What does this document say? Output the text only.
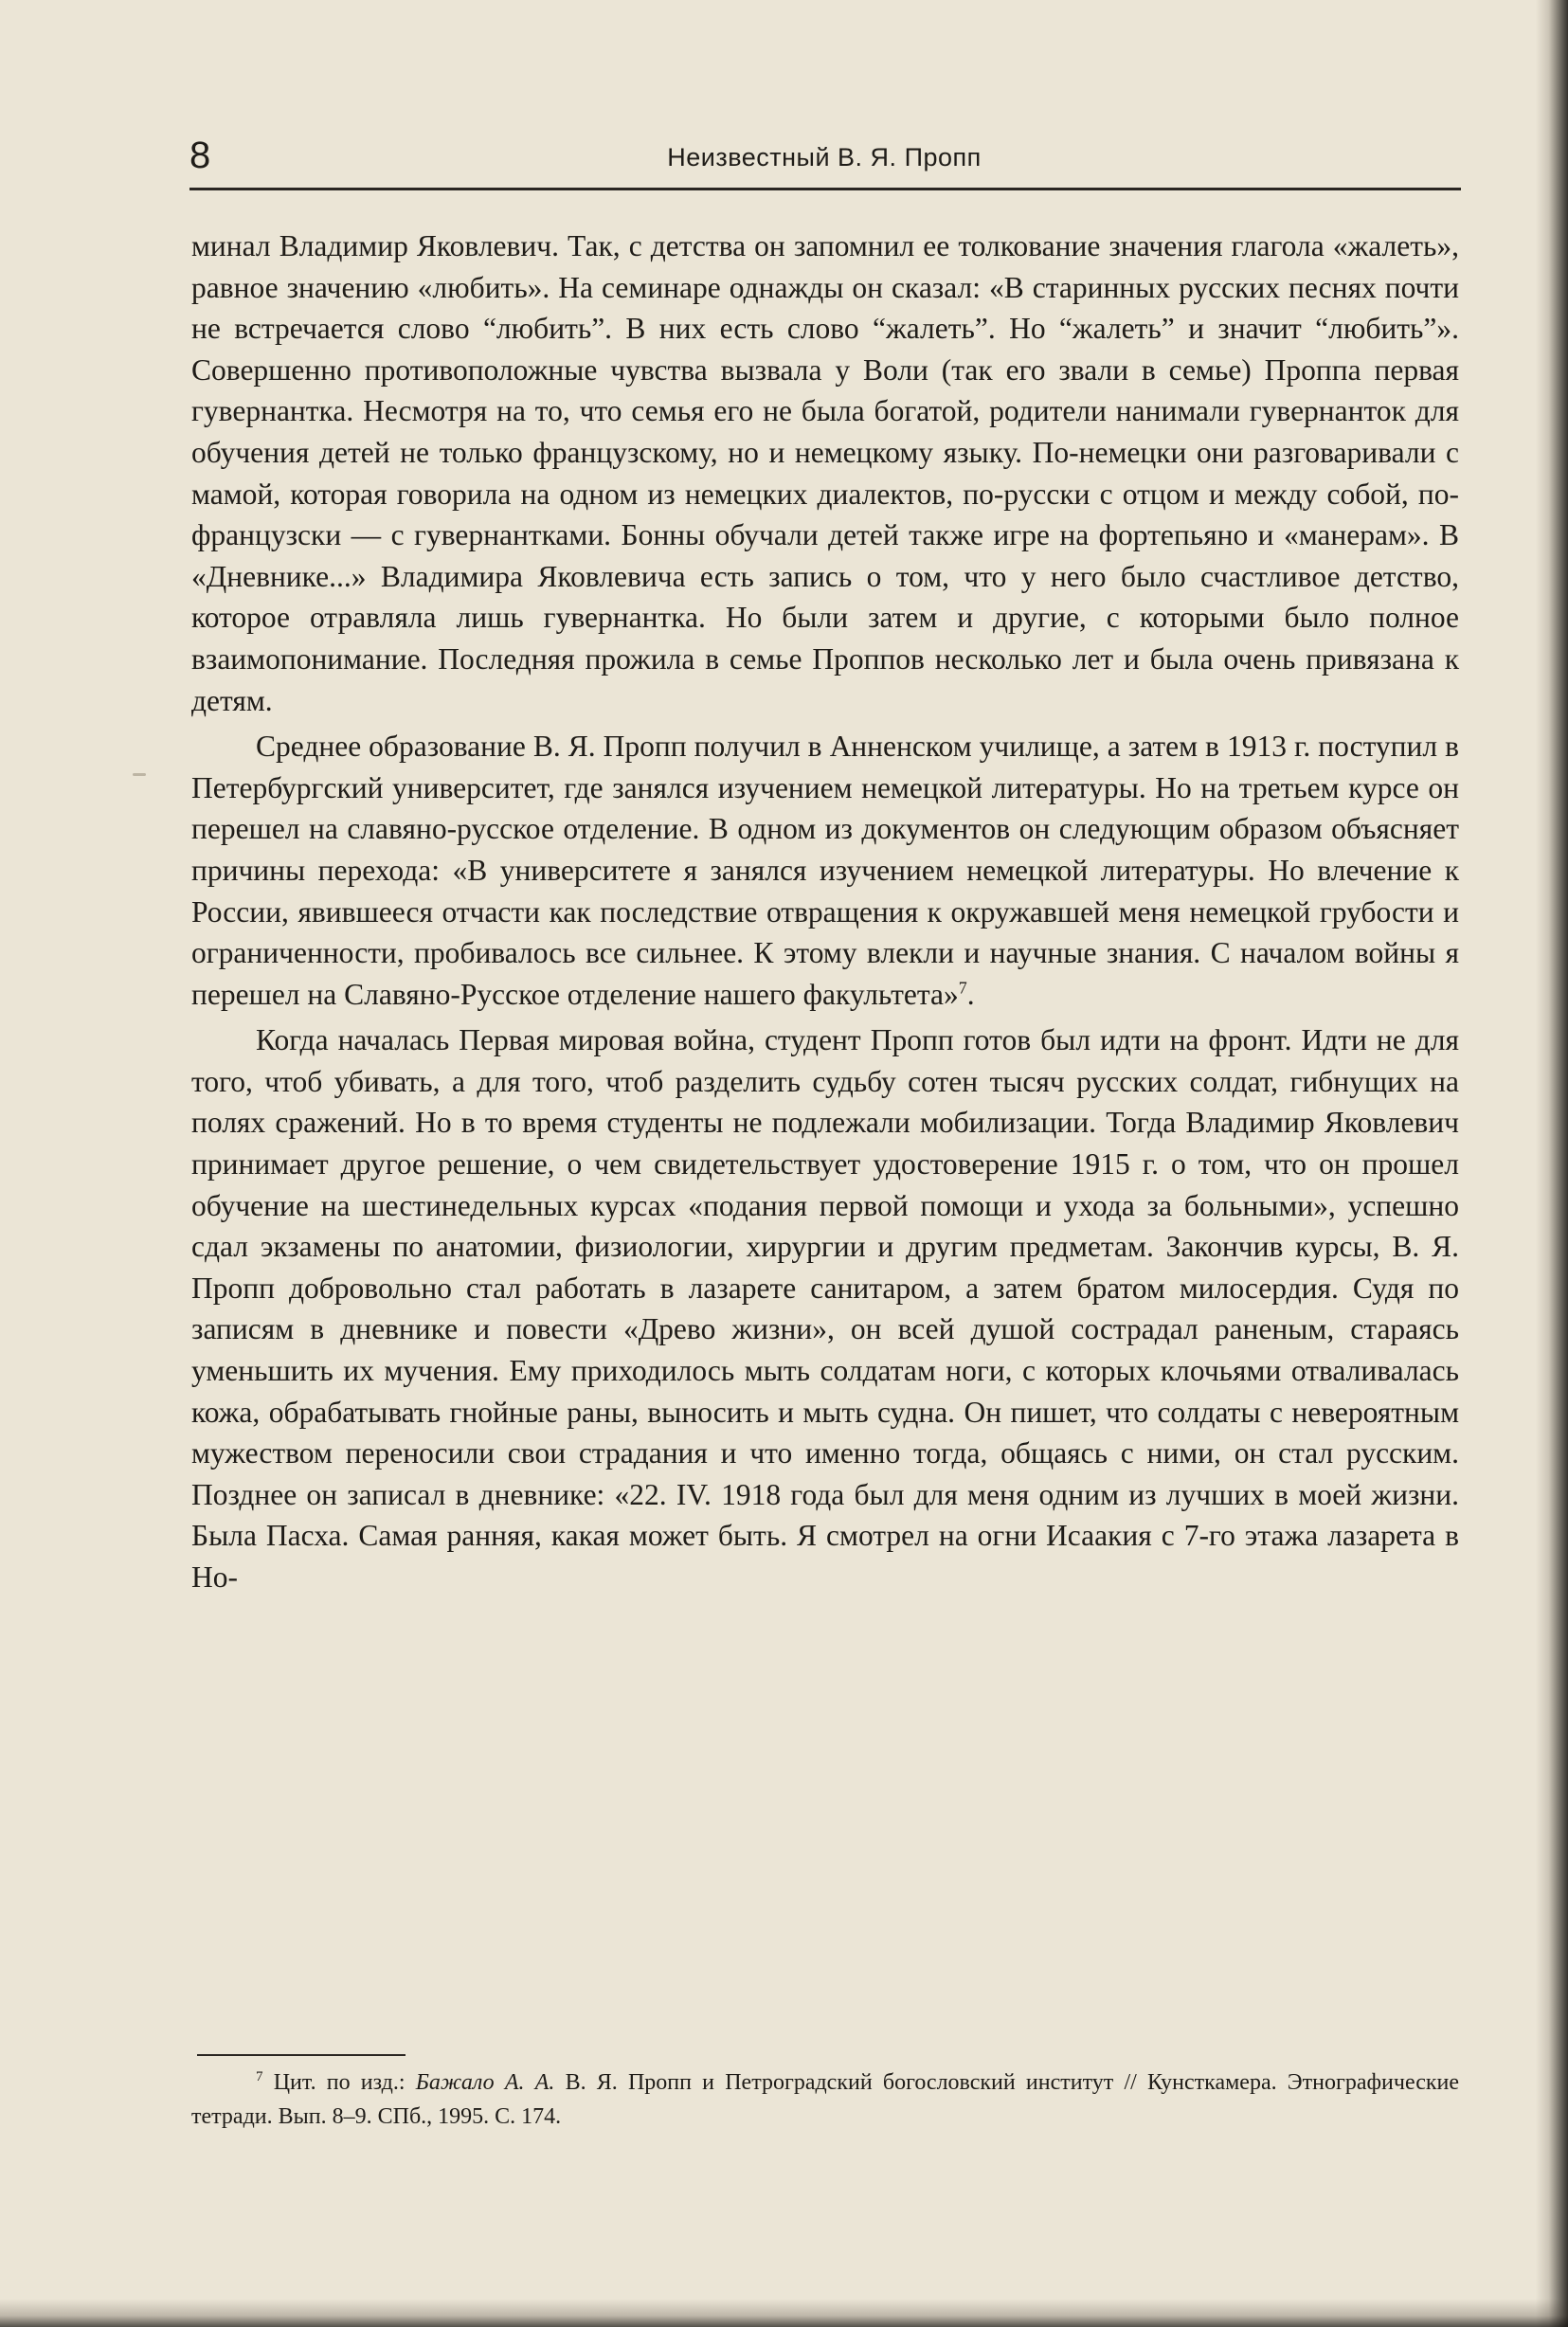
8	Неизвестный В. Я. Пропп

минал Владимир Яковлевич. Так, с детства он запомнил ее толкование значения глагола «жалеть», равное значению «любить». На семинаре однажды он сказал: «В старинных русских песнях почти не встречается слово “любить”. В них есть слово “жалеть”. Но “жалеть” и значит “любить”». Совершенно противоположные чувства вызвала у Воли (так его звали в семье) Проппа первая гувернантка. Несмотря на то, что семья его не была богатой, родители нанимали гувернанток для обучения детей не только французскому, но и немецкому языку. По-немецки они разговаривали с мамой, которая говорила на одном из немецких диалектов, по-русски с отцом и между собой, по-французски — с гувернантками. Бонны обучали детей также игре на фортепьяно и «манерам». В «Дневнике...» Владимира Яковлевича есть запись о том, что у него было счастливое детство, которое отравляла лишь гувернантка. Но были затем и другие, с которыми было полное взаимопонимание. Последняя прожила в семье Проппов несколько лет и была очень привязана к детям.

Среднее образование В. Я. Пропп получил в Анненском училище, а затем в 1913 г. поступил в Петербургский университет, где занялся изучением немецкой литературы. Но на третьем курсе он перешел на славяно-русское отделение. В одном из документов он следующим образом объясняет причины перехода: «В университете я занялся изучением немецкой литературы. Но влечение к России, явившееся отчасти как последствие отвращения к окружавшей меня немецкой грубости и ограниченности, пробивалось все сильнее. К этому влекли и научные знания. С началом войны я перешел на Славяно-Русское отделение нашего факультета»$^7$.

Когда началась Первая мировая война, студент Пропп готов был идти на фронт. Идти не для того, чтоб убивать, а для того, чтоб разделить судьбу сотен тысяч русских солдат, гибнущих на полях сражений. Но в то время студенты не подлежали мобилизации. Тогда Владимир Яковлевич принимает другое решение, о чем свидетельствует удостоверение 1915 г. о том, что он прошел обучение на шестинедельных курсах «подания первой помощи и ухода за больными», успешно сдал экзамены по анатомии, физиологии, хирургии и другим предметам. Закончив курсы, В. Я. Пропп добровольно стал работать в лазарете санитаром, а затем братом милосердия. Судя по записям в дневнике и повести «Древо жизни», он всей душой сострадал раненым, стараясь уменьшить их мучения. Ему приходилось мыть солдатам ноги, с которых клочьями отваливалась кожа, обрабатывать гнойные раны, выносить и мыть судна. Он пишет, что солдаты с невероятным мужеством переносили свои страдания и что именно тогда, общаясь с ними, он стал русским. Позднее он записал в дневнике: «22. IV. 1918 года был для меня одним из лучших в моей жизни. Была Пасха. Самая ранняя, какая может быть. Я смотрел на огни Исаакия с 7-го этажа лазарета в Но-

$^7$ Цит. по изд.: Бажало А. А. В. Я. Пропп и Петроградский богословский институт // Кунсткамера. Этнографические тетради. Вып. 8–9. СПб., 1995. С. 174.
